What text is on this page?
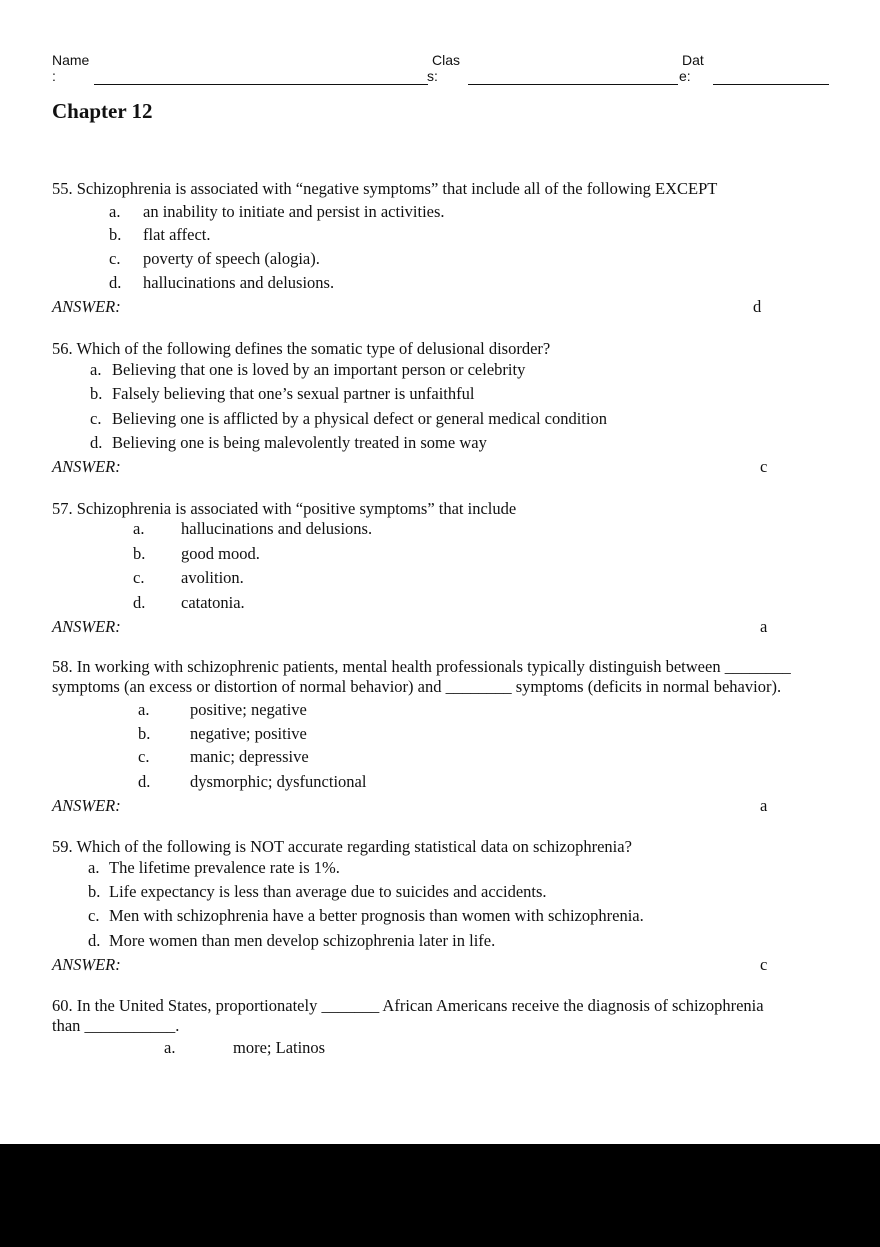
Name
:
Clas
s:
Dat
e:
Chapter 12
55. Schizophrenia is associated with “negative symptoms” that include all of the following EXCEPT
a. an inability to initiate and persist in activities.
b. flat affect.
c. poverty of speech (alogia).
d. hallucinations and delusions.
ANSWER:	d
56. Which of the following defines the somatic type of delusional disorder?
a. Believing that one is loved by an important person or celebrity
b. Falsely believing that one’s sexual partner is unfaithful
c. Believing one is afflicted by a physical defect or general medical condition
d. Believing one is being malevolently treated in some way
ANSWER:	c
57. Schizophrenia is associated with “positive symptoms” that include
a. hallucinations and delusions.
b. good mood.
c. avolition.
d. catatonia.
ANSWER:	a
58. In working with schizophrenic patients, mental health professionals typically distinguish between ________
symptoms (an excess or distortion of normal behavior) and ________ symptoms (deficits in normal behavior).
a. positive; negative
b. negative; positive
c. manic; depressive
d. dysmorphic; dysfunctional
ANSWER:	a
59. Which of the following is NOT accurate regarding statistical data on schizophrenia?
a. The lifetime prevalence rate is 1%.
b. Life expectancy is less than average due to suicides and accidents.
c. Men with schizophrenia have a better prognosis than women with schizophrenia.
d. More women than men develop schizophrenia later in life.
ANSWER:	c
60. In the United States, proportionately _______ African Americans receive the diagnosis of schizophrenia
than ___________.
a.	more; Latinos
